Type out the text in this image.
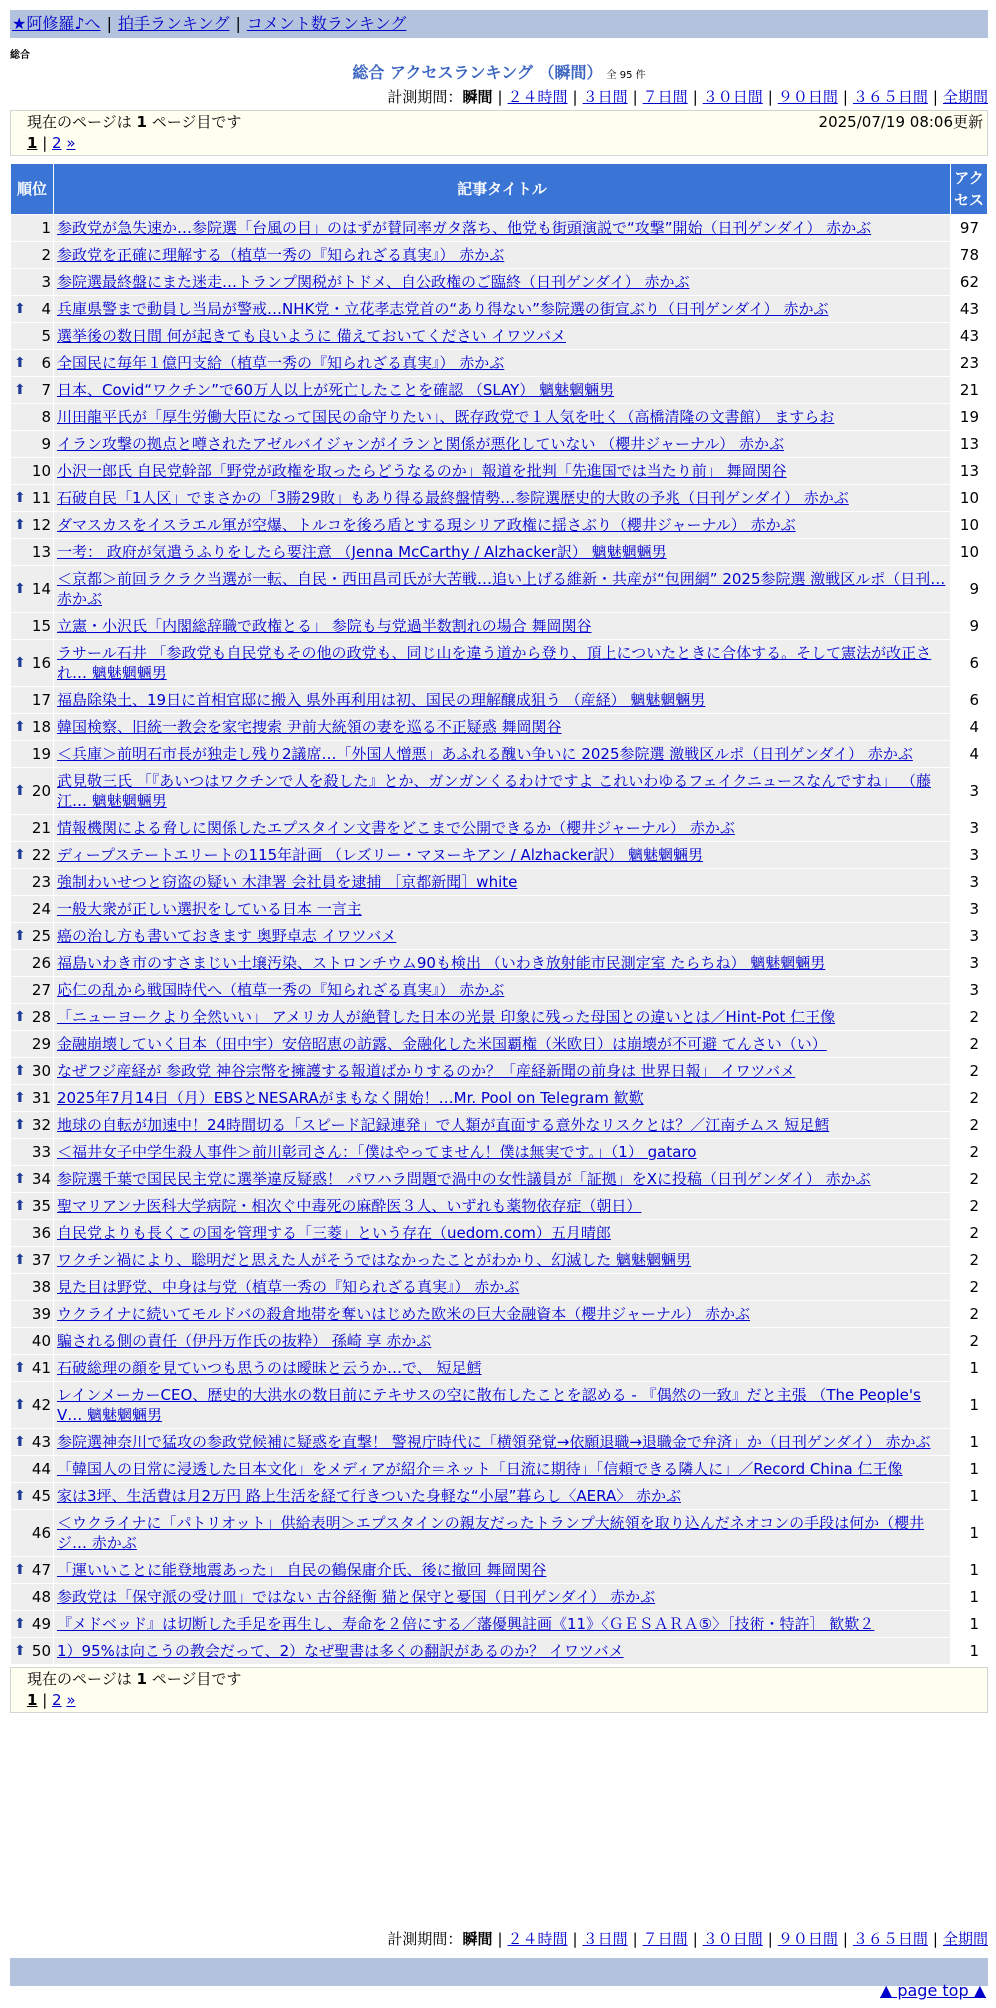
★阿修羅♪へ | 拍手ランキング | コメント数ランキング
総合
総合 アクセスランキング （瞬間） 全 95 件
計測期間：瞬間 | ２４時間 | ３日間 | ７日間 | ３０日間 | ９０日間 | ３６５日間 | 全期間
現在のページは 1 ページ目です	2025/07/19 08:06更新
1 | 2 »
順位	記事タイトル	アクセス
1	参政党が急失速か…参院選「台風の目」のはずが賛同率ガタ落ち、他党も街頭演説で“攻撃”開始（日刊ゲンダイ） 赤かぶ	97
2	参政党を正確に理解する（植草一秀の『知られざる真実』） 赤かぶ	78
3	参院選最終盤にまた迷走…トランプ関税がトドメ、自公政権のご臨終（日刊ゲンダイ） 赤かぶ	62

⬆ 4	兵庫県警まで動員し当局が警戒…NHK党・立花孝志党首の“あり得ない”参院選の街宣ぶり（日刊ゲンダイ） 赤かぶ	43
5	選挙後の数日間 何が起きても良いように 備えておいてください イワツバメ	43

⬆ 6	全国民に毎年１億円支給（植草一秀の『知られざる真実』） 赤かぶ	23

⬆ 7	日本、Covid“ワクチン”で60万人以上が死亡したことを確認 （SLAY） 魑魅魍魎男	21
8	川田龍平氏が「厚生労働大臣になって国民の命守りたい」、既存政党で１人気を吐く（高橋清隆の文書館） ますらお	19
9	イラン攻撃の拠点と噂されたアゼルバイジャンがイランと関係が悪化していない （櫻井ジャーナル） 赤かぶ	13
10	小沢一郎氏 自民党幹部「野党が政権を取ったらどうなるのか」報道を批判「先進国では当たり前」 舞岡関谷	13

⬆ 11	石破自民「1人区」でまさかの「3勝29敗」もあり得る最終盤情勢…参院選歴史的大敗の予兆（日刊ゲンダイ） 赤かぶ	10

⬆ 12	ダマスカスをイスラエル軍が空爆、トルコを後ろ盾とする現シリア政権に揺さぶり（櫻井ジャーナル） 赤かぶ	10
13	一考： 政府が気遣うふりをしたら要注意 （Jenna McCarthy / Alzhacker訳） 魑魅魍魎男	10

⬆ 14	＜京都＞前回ラクラク当選が一転、自民・西田昌司氏が大苦戦…追い上げる維新・共産が“包囲網” 2025参院選 激戦区ルポ（日刊… 赤かぶ	9
15	立憲・小沢氏「内閣総辞職で政権とる」 参院も与党過半数割れの場合 舞岡関谷	9

⬆ 16	ラサール石井 「参政党も自民党もその他の政党も、同じ山を違う道から登り、頂上についたときに合体する。そして憲法が改正され… 魑魅魍魎男	6
17	福島除染土、19日に首相官邸に搬入 県外再利用は初、国民の理解醸成狙う （産経） 魑魅魍魎男	6

⬆ 18	韓国検察、旧統一教会を家宅捜索 尹前大統領の妻を巡る不正疑惑 舞岡関谷	4
19	＜兵庫＞前明石市長が独走し残り2議席…「外国人憎悪」あふれる醜い争いに 2025参院選 激戦区ルポ（日刊ゲンダイ） 赤かぶ	4

⬆ 20	武見敬三氏 「『あいつはワクチンで人を殺した』とか、ガンガンくるわけですよ これいわゆるフェイクニュースなんですね」 （藤江… 魑魅魍魎男	3
21	情報機関による脅しに関係したエプスタイン文書をどこまで公開できるか（櫻井ジャーナル） 赤かぶ	3

⬆ 22	ディープステートエリートの115年計画 （レズリー・マヌーキアン / Alzhacker訳） 魑魅魍魎男	3
23	強制わいせつと窃盗の疑い 木津署 会社員を逮捕 ［京都新聞］white	3
24	一般大衆が正しい選択をしている日本 一言主	3

⬆ 25	癌の治し方も書いておきます 奥野卓志 イワツバメ	3
26	福島いわき市のすさまじい土壌汚染、ストロンチウム90も検出 （いわき放射能市民測定室 たらちね） 魑魅魍魎男	3
27	応仁の乱から戦国時代へ（植草一秀の『知られざる真実』） 赤かぶ	3

⬆ 28	「ニューヨークより全然いい」 アメリカ人が絶賛した日本の光景 印象に残った母国との違いとは／Hint-Pot 仁王像	2
29	金融崩壊していく日本（田中宇）安倍昭恵の訪露、金融化した米国覇権（米欧日）は崩壊が不可避 てんさい（い）	2

⬆ 30	なぜフジ産経が 参政党 神谷宗幣を擁護する報道ばかりするのか？「産経新聞の前身は 世界日報」 イワツバメ	2

⬆ 31	2025年7月14日（月）EBSとNESARAがまもなく開始！…Mr. Pool on Telegram 歓歎	2

⬆ 32	地球の自転が加速中！24時間切る「スピード記録連発」で人類が直面する意外なリスクとは？／江南チムス 短足鱈	2
33	＜福井女子中学生殺人事件＞前川彰司さん：「僕はやってません！僕は無実です。」（1） gataro	2

⬆ 34	参院選千葉で国民民主党に選挙違反疑惑！ パワハラ問題で渦中の女性議員が「証拠」をXに投稿（日刊ゲンダイ） 赤かぶ	2

⬆ 35	聖マリアンナ医科大学病院・相次ぐ中毒死の麻酔医３人、いずれも薬物依存症（朝日）	2
36	自民党よりも長くこの国を管理する「三菱」という存在（uedom.com）五月晴郎	2

⬆ 37	ワクチン禍により、聡明だと思えた人がそうではなかったことがわかり、幻滅した 魑魅魍魎男	2
38	見た目は野党、中身は与党（植草一秀の『知られざる真実』） 赤かぶ	2
39	ウクライナに続いてモルドバの殺倉地帯を奪いはじめた欧米の巨大金融資本（櫻井ジャーナル） 赤かぶ	2
40	騙される側の責任（伊丹万作氏の抜粋） 孫崎 享 赤かぶ	2

⬆ 41	石破総理の顔を見ていつも思うのは曖昧と云うか…で、 短足鱈	1

⬆ 42	レインメーカーCEO、歴史的大洪水の数日前にテキサスの空に散布したことを認める - 『偶然の一致』だと主張 （The People's V… 魑魅魍魎男	1

⬆ 43	参院選神奈川で猛攻の参政党候補に疑惑を直撃！ 警視庁時代に「横領発覚→依願退職→退職金で弁済」か（日刊ゲンダイ） 赤かぶ	1
44	「韓国人の日常に浸透した日本文化」をメディアが紹介＝ネット「日流に期待」「信頼できる隣人に」／Record China 仁王像	1

⬆ 45	家は3坪、生活費は月2万円 路上生活を経て行きついた身軽な“小屋”暮らし〈AERA〉 赤かぶ	1
46	＜ウクライナに「パトリオット」供給表明＞エプスタインの親友だったトランプ大統領を取り込んだネオコンの手段は何か（櫻井ジ… 赤かぶ	1

⬆ 47	「運いいことに能登地震あった」 自民の鶴保庸介氏、後に撤回 舞岡関谷	1
48	参政党は「保守派の受け皿」ではない 古谷経衡 猫と保守と憂国（日刊ゲンダイ） 赤かぶ	1

⬆ 49	『メドベッド』は切断した手足を再生し、寿命を２倍にする／藩優興註画《11》〈ＧＥＳＡＲＡ⑤〉［技術・特許］ 歓歎２	1

⬆ 50	1）95%は向こうの教会だって、2）なぜ聖書は多くの翻訳があるのか？ イワツバメ	1
計測期間：瞬間 | ２４時間 | ３日間 | ７日間 | ３０日間 | ９０日間 | ３６５日間 | 全期間
▲ page top ▲
現在のページは 1 ページ目です
1 | 2 »
